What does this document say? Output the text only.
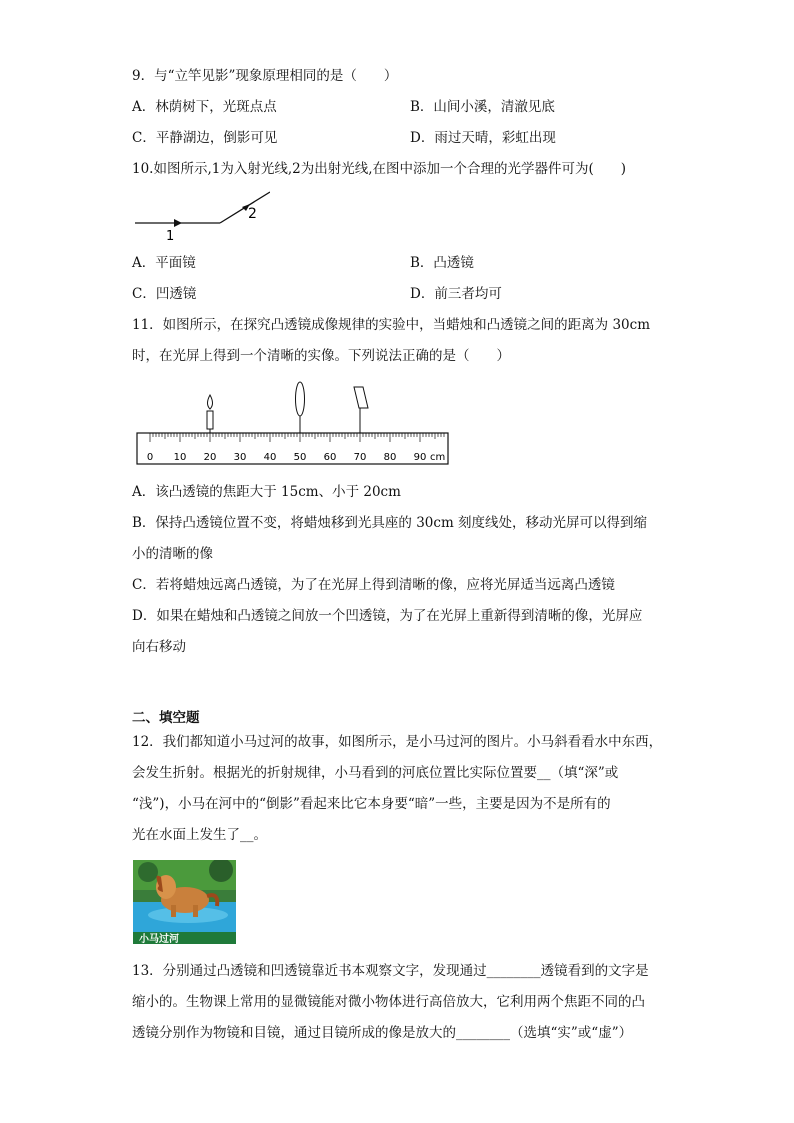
9．与“立竿见影”现象原理相同的是（　　）
A．林荫树下，光斑点点	B．山间小溪，清澈见底
C．平静湖边，倒影可见	D．雨过天晴，彩虹出现
10.如图所示,1为入射光线,2为出射光线,在图中添加一个合理的光学器件可为(　　)
1
2
A．平面镜	B．凸透镜
C．凹透镜	D．前三者均可
11．如图所示，在探究凸透镜成像规律的实验中，当蜡烛和凸透镜之间的距离为 30cm
时，在光屏上得到一个清晰的实像。下列说法正确的是（　　）
0 10 20 30 40 50 60 70 80 90 cm
A．该凸透镜的焦距大于 15cm、小于 20cm
B．保持凸透镜位置不变，将蜡烛移到光具座的 30cm 刻度线处，移动光屏可以得到缩
小的清晰的像
C．若将蜡烛远离凸透镜，为了在光屏上得到清晰的像，应将光屏适当远离凸透镜
D．如果在蜡烛和凸透镜之间放一个凹透镜，为了在光屏上重新得到清晰的像，光屏应
向右移动
二、填空题
12．我们都知道小马过河的故事，如图所示，是小马过河的图片。小马斜看看水中东西，
会发生折射。根据光的折射规律，小马看到的河底位置比实际位置要__（填“深”或
“浅”)，小马在河中的“倒影”看起来比它本身要“暗”一些，主要是因为不是所有的
光在水面上发生了__。
小马过河
13．分别通过凸透镜和凹透镜靠近书本观察文字，发现通过________透镜看到的文字是
缩小的。生物课上常用的显微镜能对微小物体进行高倍放大，它利用两个焦距不同的凸
透镜分别作为物镜和目镜，通过目镜所成的像是放大的________（选填“实”或“虚”）
